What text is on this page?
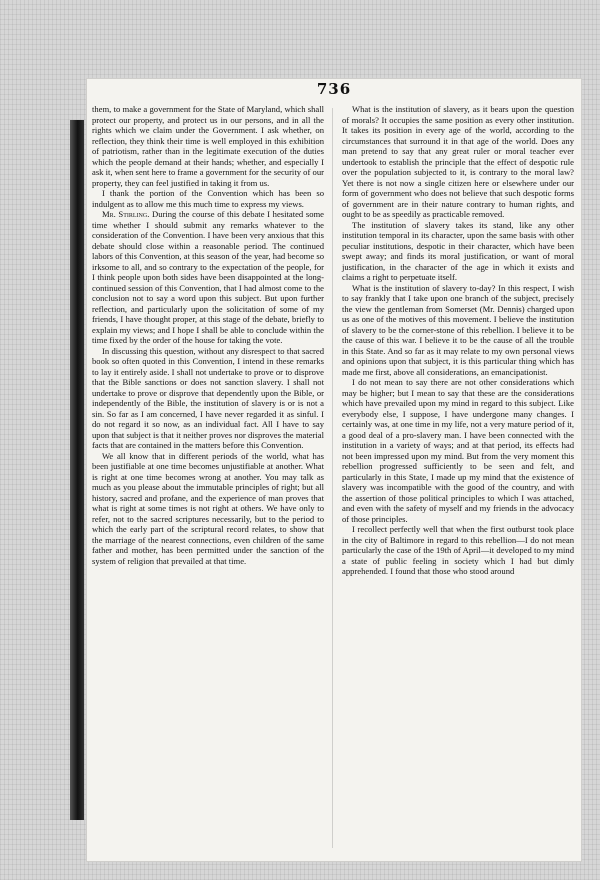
736

them, to make a government for the State of Maryland, which shall protect our property, and protect us in our persons, and in all the rights which we claim under the Government. I ask whether, on reflection, they think their time is well employed in this exhibition of patriotism, rather than in the legitimate execution of the duties which the people demand at their hands; whether, and especially I ask it, when sent here to frame a government for the security of our property, they can feel justified in taking it from us.

I thank the portion of the Convention which has been so indulgent as to allow me this much time to express my views.

Mr. Stirling. During the course of this debate I hesitated some time whether I should submit any remarks whatever to the consideration of the Convention. I have been very anxious that this debate should close within a reasonable period. The continued labors of this Convention, at this season of the year, had become so irksome to all, and so contrary to the expectation of the people, for I think people upon both sides have been disappointed at the long-continued session of this Convention, that I had almost come to the conclusion not to say a word upon this subject. But upon further reflection, and particularly upon the solicitation of some of my friends, I have thought proper, at this stage of the debate, briefly to explain my views; and I hope I shall be able to conclude within the time fixed by the order of the house for taking the vote.

In discussing this question, without any disrespect to that sacred book so often quoted in this Convention, I intend in these remarks to lay it entirely aside. I shall not undertake to prove or to disprove that the Bible sanctions or does not sanction slavery. I shall not undertake to prove or disprove that dependently upon the Bible, or independently of the Bible, the institution of slavery is or is not a sin. So far as I am concerned, I have never regarded it as sinful. I do not regard it so now, as an individual fact. All I have to say upon that subject is that it neither proves nor disproves the material facts that are contained in the matters before this Convention.

We all know that in different periods of the world, what has been justifiable at one time becomes unjustifiable at another. What is right at one time becomes wrong at another. You may talk as much as you please about the immutable principles of right; but all history, sacred and profane, and the experience of man proves that what is right at some times is not right at others. We have only to refer, not to the sacred scriptures necessarily, but to the period to which the early part of the scriptural record relates, to show that the marriage of the nearest connections, even children of the same father and mother, has been permitted under the sanction of the system of religion that prevailed at that time.

What is the institution of slavery, as it bears upon the question of morals? It occupies the same position as every other institution. It takes its position in every age of the world, according to the circumstances that surround it in that age of the world. Does any man pretend to say that any great ruler or moral teacher ever undertook to establish the principle that the effect of despotic rule over the population subjected to it, is contrary to the moral law? Yet there is not now a single citizen here or elsewhere under our form of government who does not believe that such despotic forms of government are in their nature contrary to human rights, and ought to be as speedily as practicable removed.

The institution of slavery takes its stand, like any other institution temporal in its character, upon the same basis with other peculiar institutions, despotic in their character, which have been swept away; and finds its moral justification, or want of moral justification, in the character of the age in which it exists and claims a right to perpetuate itself.

What is the institution of slavery to-day? In this respect, I wish to say frankly that I take upon one branch of the subject, precisely the view the gentleman from Somerset (Mr. Dennis) charged upon us as one of the motives of this movement. I believe the institution of slavery to be the corner-stone of this rebellion. I believe it to be the cause of this war. I believe it to be the cause of all the trouble in this State. And so far as it may relate to my own personal views and opinions upon that subject, it is this particular thing which has made me first, above all considerations, an emancipationist.

I do not mean to say there are not other considerations which may be higher; but I mean to say that these are the considerations which have prevailed upon my mind in regard to this subject. Like everybody else, I suppose, I have undergone many changes. I certainly was, at one time in my life, not a very mature period of it, a good deal of a pro-slavery man. I have been connected with the institution in a variety of ways; and at that period, its effects had not been impressed upon my mind. But from the very moment this rebellion progressed sufficiently to be seen and felt, and particularly in this State, I made up my mind that the existence of slavery was incompatible with the good of the country, and with the assertion of those political principles to which I was attached, and even with the safety of myself and my friends in the advocacy of those principles.

I recollect perfectly well that when the first outburst took place in the city of Baltimore in regard to this rebellion—I do not mean particularly the case of the 19th of April—it developed to my mind a state of public feeling in society which I had but dimly apprehended. I found that those who stood around
